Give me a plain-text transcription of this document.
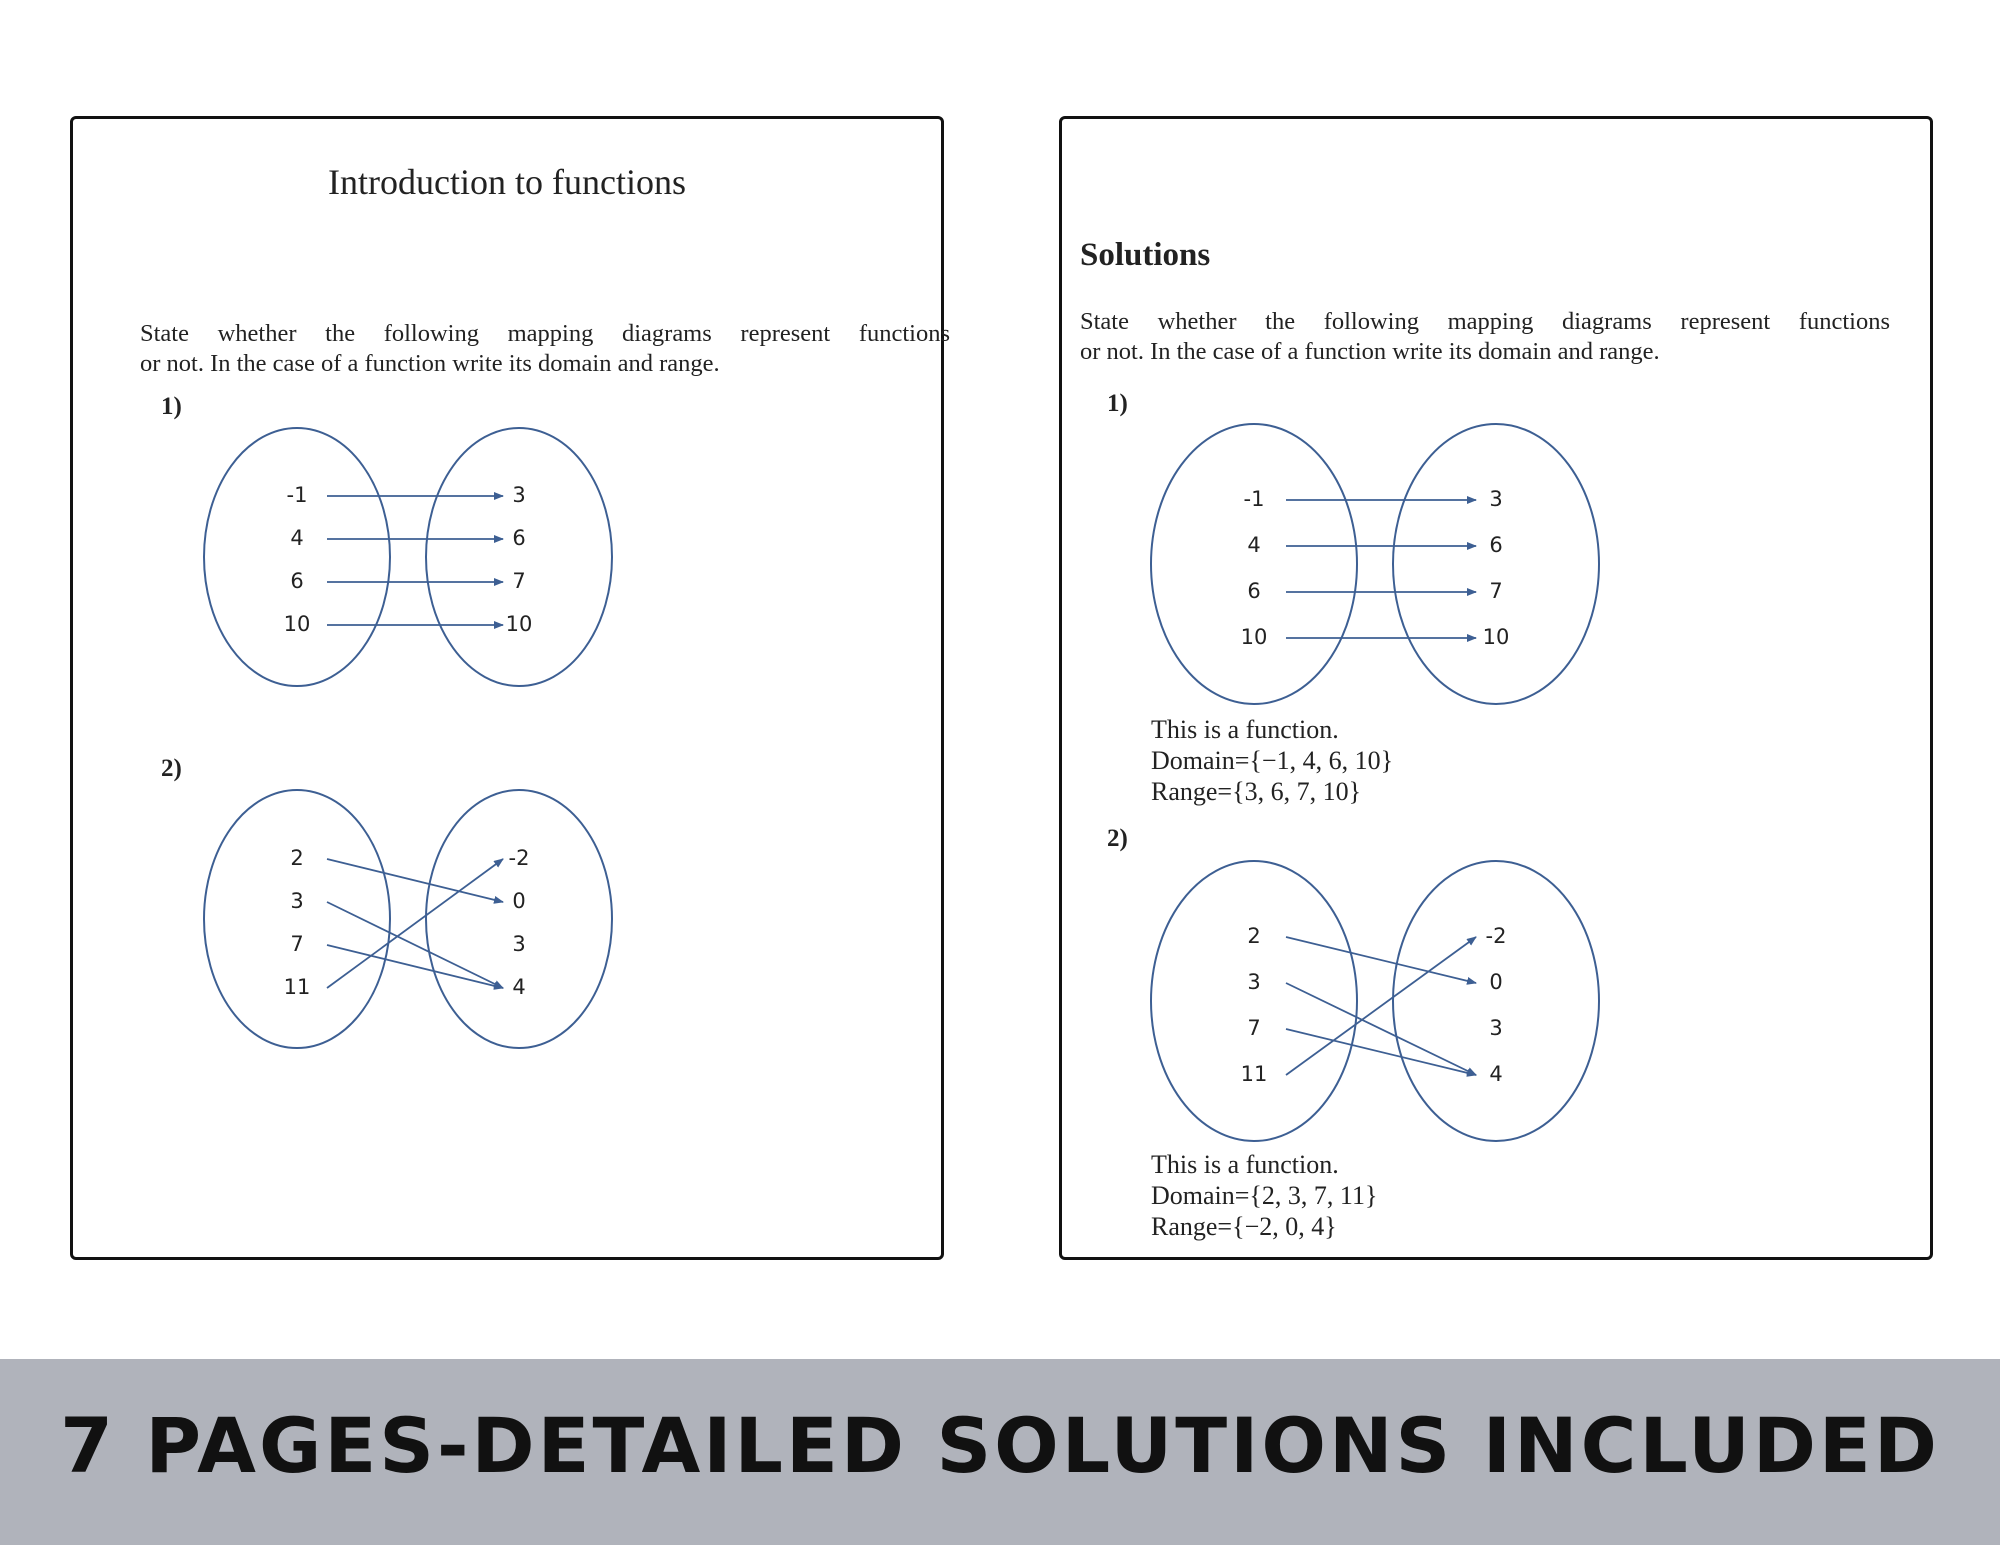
Introduction to functions
State whether the following mapping diagrams represent functions
or not. In the case of a function write its domain and range.
1)
-1
4
6
10
3
6
7
10
2)
2
3
7
11
-2
0
3
4
Solutions
State whether the following mapping diagrams represent functions
or not. In the case of a function write its domain and range.
1)
-1
4
6
10
3
6
7
10
This is a function.
Domain={−1, 4, 6, 10}
Range={3, 6, 7, 10}
2)
2
3
7
11
-2
0
3
4
This is a function.
Domain={2, 3, 7, 11}
Range={−2, 0, 4}
7 PAGES-DETAILED SOLUTIONS INCLUDED
